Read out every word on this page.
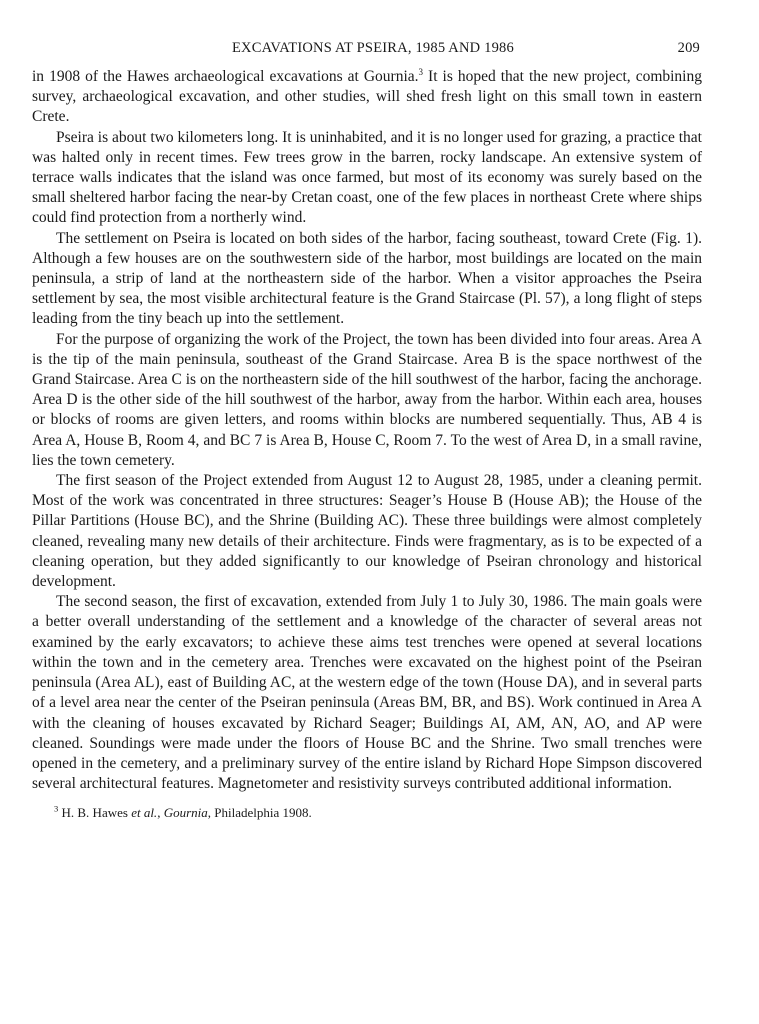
EXCAVATIONS AT PSEIRA, 1985 AND 1986	209

in 1908 of the Hawes archaeological excavations at Gournia.$^3$ It is hoped that the new project, combining survey, archaeological excavation, and other studies, will shed fresh light on this small town in eastern Crete.

Pseira is about two kilometers long. It is uninhabited, and it is no longer used for grazing, a practice that was halted only in recent times. Few trees grow in the barren, rocky landscape. An extensive system of terrace walls indicates that the island was once farmed, but most of its economy was surely based on the small sheltered harbor facing the near-by Cretan coast, one of the few places in northeast Crete where ships could find protection from a northerly wind.

The settlement on Pseira is located on both sides of the harbor, facing southeast, toward Crete (Fig. 1). Although a few houses are on the southwestern side of the harbor, most buildings are located on the main peninsula, a strip of land at the northeastern side of the harbor. When a visitor approaches the Pseira settlement by sea, the most visible architectural feature is the Grand Staircase (Pl. 57), a long flight of steps leading from the tiny beach up into the settlement.

For the purpose of organizing the work of the Project, the town has been divided into four areas. Area A is the tip of the main peninsula, southeast of the Grand Staircase. Area B is the space northwest of the Grand Staircase. Area C is on the northeastern side of the hill southwest of the harbor, facing the anchorage. Area D is the other side of the hill southwest of the harbor, away from the harbor. Within each area, houses or blocks of rooms are given letters, and rooms within blocks are numbered sequentially. Thus, AB 4 is Area A, House B, Room 4, and BC 7 is Area B, House C, Room 7. To the west of Area D, in a small ravine, lies the town cemetery.

The first season of the Project extended from August 12 to August 28, 1985, under a cleaning permit. Most of the work was concentrated in three structures: Seager’s House B (House AB); the House of the Pillar Partitions (House BC), and the Shrine (Building AC). These three buildings were almost completely cleaned, revealing many new details of their architecture. Finds were fragmentary, as is to be expected of a cleaning operation, but they added significantly to our knowledge of Pseiran chronology and historical development.

The second season, the first of excavation, extended from July 1 to July 30, 1986. The main goals were a better overall understanding of the settlement and a knowledge of the character of several areas not examined by the early excavators; to achieve these aims test trenches were opened at several locations within the town and in the cemetery area. Trenches were excavated on the highest point of the Pseiran peninsula (Area AL), east of Building AC, at the western edge of the town (House DA), and in several parts of a level area near the center of the Pseiran peninsula (Areas BM, BR, and BS). Work continued in Area A with the cleaning of houses excavated by Richard Seager; Buildings AI, AM, AN, AO, and AP were cleaned. Soundings were made under the floors of House BC and the Shrine. Two small trenches were opened in the cemetery, and a preliminary survey of the entire island by Richard Hope Simpson discovered several architectural features. Magnetometer and resistivity surveys contributed additional information.

$^3$ H. B. Hawes et al., Gournia, Philadelphia 1908.
